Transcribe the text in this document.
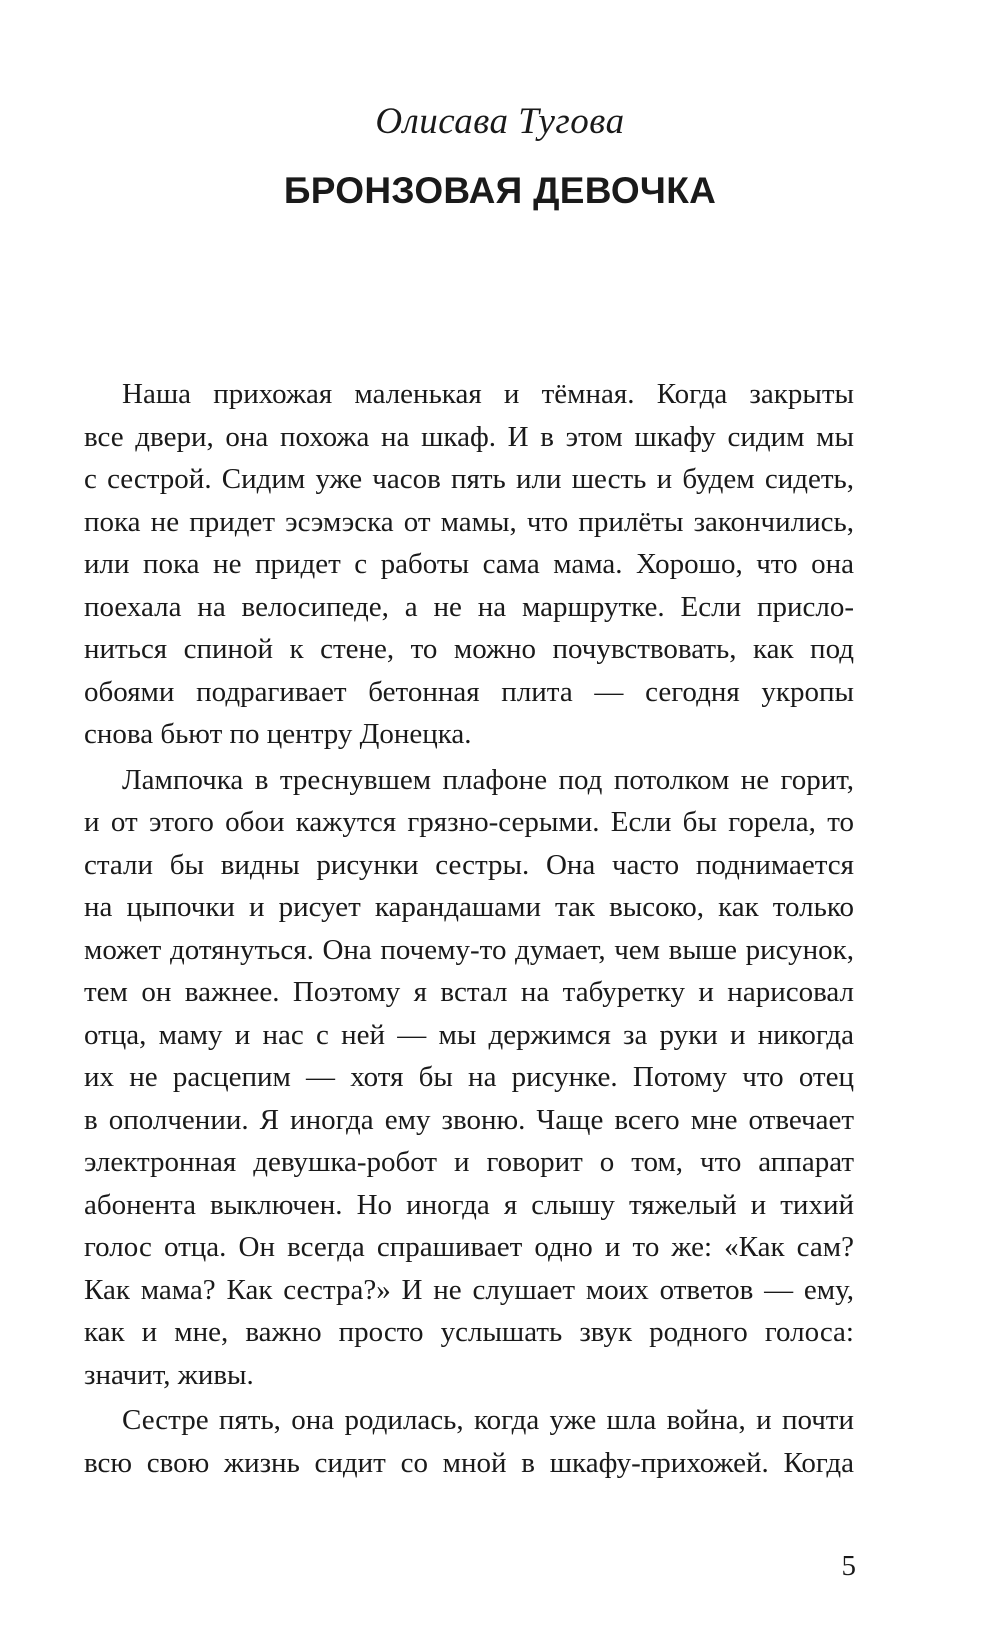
Олисава Тугова
БРОНЗОВАЯ ДЕВОЧКА
Наша прихожая маленькая и тёмная. Когда закрыты
все двери, она похожа на шкаф. И в этом шкафу сидим мы
с сестрой. Сидим уже часов пять или шесть и будем сидеть,
пока не придет эсэмэска от мамы, что прилёты закончились,
или пока не придет с работы сама мама. Хорошо, что она
поехала на велосипеде, а не на маршрутке. Если присло-
ниться спиной к стене, то можно почувствовать, как под
обоями подрагивает бетонная плита — сегодня укропы
снова бьют по центру Донецка.
Лампочка в треснувшем плафоне под потолком не горит,
и от этого обои кажутся грязно-серыми. Если бы горела, то
стали бы видны рисунки сестры. Она часто поднимается
на цыпочки и рисует карандашами так высоко, как только
может дотянуться. Она почему-то думает, чем выше рисунок,
тем он важнее. Поэтому я встал на табуретку и нарисовал
отца, маму и нас с ней — мы держимся за руки и никогда
их не расцепим — хотя бы на рисунке. Потому что отец
в ополчении. Я иногда ему звоню. Чаще всего мне отвечает
электронная девушка-робот и говорит о том, что аппарат
абонента выключен. Но иногда я слышу тяжелый и тихий
голос отца. Он всегда спрашивает одно и то же: «Как сам?
Как мама? Как сестра?» И не слушает моих ответов — ему,
как и мне, важно просто услышать звук родного голоса:
значит, живы.
Сестре пять, она родилась, когда уже шла война, и почти
всю свою жизнь сидит со мной в шкафу-прихожей. Когда
5
